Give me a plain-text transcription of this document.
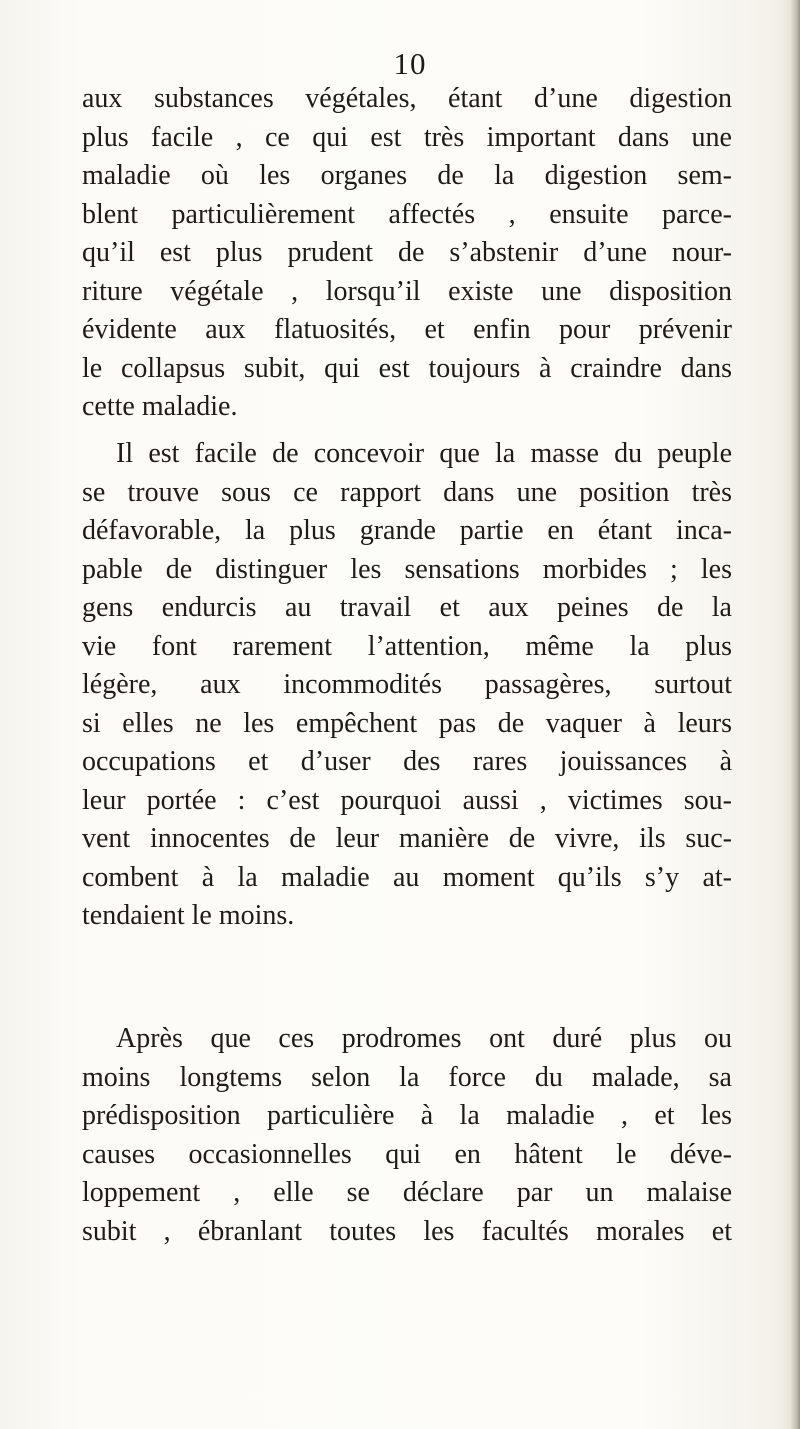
10
aux substances végétales, étant d’une digestion
plus facile , ce qui est très important dans une
maladie où les organes de la digestion sem-
blent particulièrement affectés , ensuite parce-
qu’il est plus prudent de s’abstenir d’une nour-
riture végétale , lorsqu’il existe une disposition
évidente aux flatuosités, et enfin pour prévenir
le collapsus subit, qui est toujours à craindre dans
cette maladie.
Il est facile de concevoir que la masse du peuple
se trouve sous ce rapport dans une position très
défavorable, la plus grande partie en étant inca-
pable de distinguer les sensations morbides ; les
gens endurcis au travail et aux peines de la
vie font rarement l’attention, même la plus
légère, aux incommodités passagères, surtout
si elles ne les empêchent pas de vaquer à leurs
occupations et d’user des rares jouissances à
leur portée : c’est pourquoi aussi , victimes sou-
vent innocentes de leur manière de vivre, ils suc-
combent à la maladie au moment qu’ils s’y at-
tendaient le moins.
Après que ces prodromes ont duré plus ou
moins longtems selon la force du malade, sa
prédisposition particulière à la maladie , et les
causes occasionnelles qui en hâtent le déve-
loppement , elle se déclare par un malaise
subit , ébranlant toutes les facultés morales et
